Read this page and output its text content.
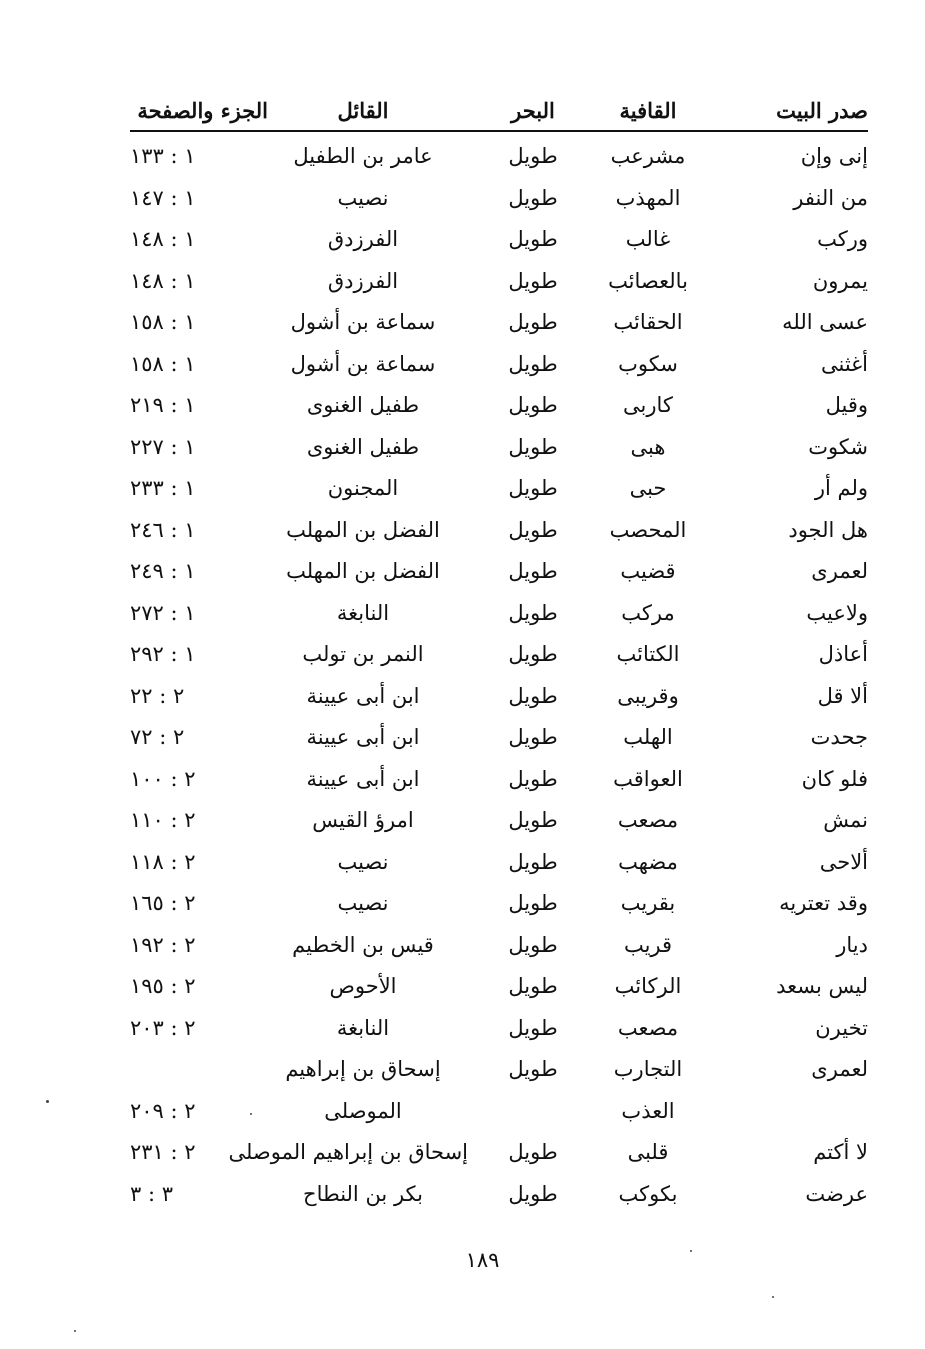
صدر البيت
القافية
البحر
القائل
الجزء والصفحة
إنى وإن
مشرعب
طويل
عامر بن الطفيل
١ : ١٣٣
من النفر
المهذب
طويل
نصيب
١ : ١٤٧
وركب
غالب
طويل
الفرزدق
١ : ١٤٨
يمرون
بالعصائب
طويل
الفرزدق
١ : ١٤٨
عسى الله
الحقائب
طويل
سماعة بن أشول
١ : ١٥٨
أغثنى
سكوب
طويل
سماعة بن أشول
١ : ١٥٨
وقيل
كاربى
طويل
طفيل الغنوى
١ : ٢١٩
شكوت
هبى
طويل
طفيل الغنوى
١ : ٢٢٧
ولم أر
حبى
طويل
المجنون
١ : ٢٣٣
هل الجود
المحصب
طويل
الفضل بن المهلب
١ : ٢٤٦
لعمرى
قضيب
طويل
الفضل بن المهلب
١ : ٢٤٩
ولاعيب
مركب
طويل
النابغة
١ : ٢٧٢
أعاذل
الكتائب
طويل
النمر بن تولب
١ : ٢٩٢
ألا قل
وقريبى
طويل
ابن أبى عيينة
٢ : ٢٢
جحدت
الهلب
طويل
ابن أبى عيينة
٢ : ٧٢
فلو كان
العواقب
طويل
ابن أبى عيينة
٢ : ١٠٠
نمش
مصعب
طويل
امرؤ القيس
٢ : ١١٠
ألاحى
مضهب
طويل
نصيب
٢ : ١١٨
وقد تعتريه
بقريب
طويل
نصيب
٢ : ١٦٥
ديار
قريب
طويل
قيس بن الخطيم
٢ : ١٩٢
ليس بسعد
الركائب
طويل
الأحوص
٢ : ١٩٥
تخيرن
مصعب
طويل
النابغة
٢ : ٢٠٣
لعمرى
التجارب
طويل
إسحاق بن إبراهيم
العذب
الموصلى
٢ : ٢٠٩
لا أكتم
قلبى
طويل
إسحاق بن إبراهيم الموصلى
٢ : ٢٣١
عرضت
بكوكب
طويل
بكر بن النطاح
٣ : ٣
١٨٩
